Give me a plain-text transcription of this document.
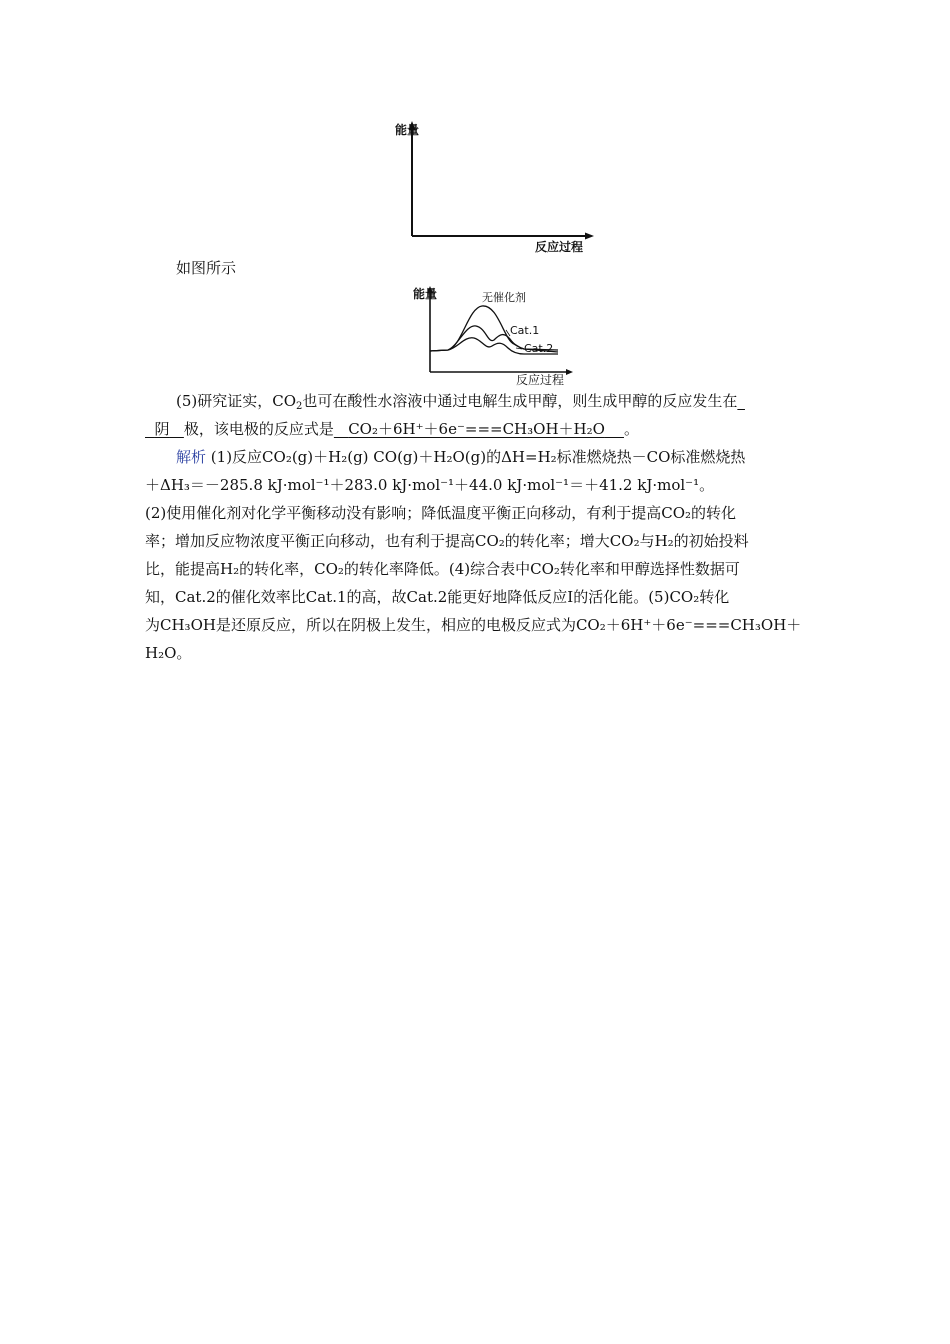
能量
反应过程
如图所示
能量	无催化剂
Cat.1
Cat.2
反应过程
(5)研究证实，$CO_2$也可在酸性水溶液中通过电解生成甲醇，则生成甲醇的反应发生在_
阴 极，该电极的反应式是 CO₂＋6H⁺＋6e⁻===CH₃OH＋H₂O 。
解析 (1)反应CO₂(g)＋H₂(g) CO(g)＋H₂O(g)的ΔH=H₂标准燃烧热－CO标准燃烧热
＋ΔH₃＝－285.8 kJ·mol⁻¹＋283.0 kJ·mol⁻¹＋44.0 kJ·mol⁻¹＝＋41.2 kJ·mol⁻¹。
(2)使用催化剂对化学平衡移动没有影响；降低温度平衡正向移动，有利于提高CO₂的转化
率；增加反应物浓度平衡正向移动，也有利于提高CO₂的转化率；增大CO₂与H₂的初始投料
比，能提高H₂的转化率，CO₂的转化率降低。(4)综合表中CO₂转化率和甲醇选择性数据可
知，Cat.2的催化效率比Cat.1的高，故Cat.2能更好地降低反应Ⅰ的活化能。(5)CO₂转化
为CH₃OH是还原反应，所以在阴极上发生，相应的电极反应式为CO₂＋6H⁺＋6e⁻===CH₃OH＋
H₂O。
